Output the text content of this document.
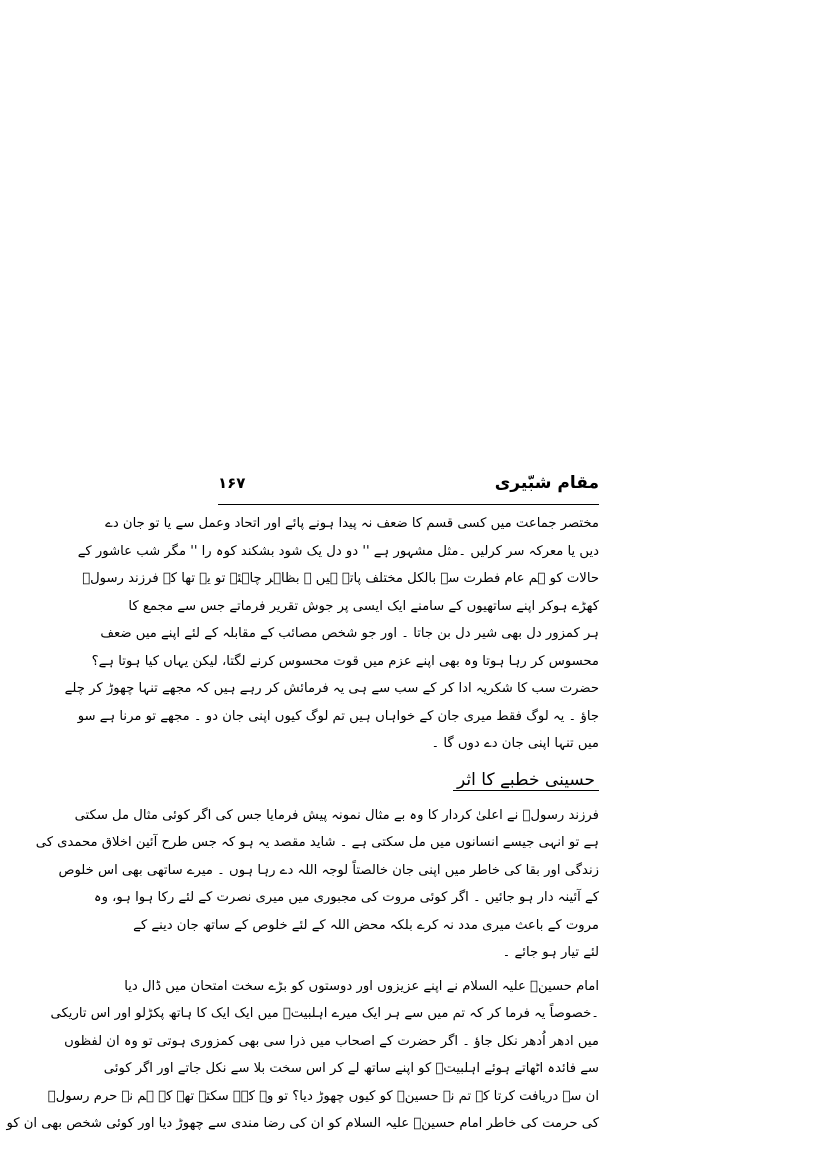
مقام شبّیری
۱۶۷
مختصر جماعت میں کسی قسم کا ضعف نہ پیدا ہونے پائے اور اتحاد وعمل سے یا تو جان دے
دیں یا معرکہ سر کرلیں ۔مثل مشہور ہے '' دو دل یک شود بشکند کوہ را '' مگر شب عاشور کے
حالات کو ہم عام فطرت سے بالکل مختلف پاتے ہیں ۔ بظاہر چاہئے تو یہ تھا کہ فرزند رسولؐ
کھڑے ہوکر اپنے ساتھیوں کے سامنے ایک ایسی پر جوش تقریر فرماتے جس سے مجمع کا
ہر کمزور دل بھی شیر دل بن جاتا ۔ اور جو شخص مصائب کے مقابلہ کے لئے اپنے میں ضعف
محسوس کر رہا ہوتا وہ بھی اپنے عزم میں قوت محسوس کرنے لگتا، لیکن یہاں کیا ہوتا ہے؟
حضرت سب کا شکریہ ادا کر کے سب سے ہی یہ فرمائش کر رہے ہیں کہ مجھے تنہا چھوڑ کر چلے
جاؤ ۔ یہ لوگ فقط میری جان کے خواہاں ہیں تم لوگ کیوں اپنی جان دو ۔ مجھے تو مرنا ہے سو
میں تنہا اپنی جان دے دوں گا ۔
حسینی خطبے کا اثر
فرزند رسولؐ نے اعلیٰ کردار کا وہ بے مثال نمونہ پیش فرمایا جس کی اگر کوئی مثال مل سکتی
ہے تو انہی جیسے انسانوں میں مل سکتی ہے ۔ شاید مقصد یہ ہو کہ جس طرح آئین اخلاق محمدی کی
زندگی اور بقا کی خاطر میں اپنی جان خالصتاً لوجہ اللہ دے رہا ہوں ۔ میرے ساتھی بھی اس خلوص
کے آئینہ دار ہو جائیں ۔ اگر کوئی مروت کی مجبوری میں میری نصرت کے لئے رکا ہوا ہو، وہ
مروت کے باعث میری مدد نہ کرے بلکہ محض اللہ کے لئے خلوص کے ساتھ جان دینے کے
لئے تیار ہو جائے ۔
امام حسینؑ علیہ السلام نے اپنے عزیزوں اور دوستوں کو بڑے سخت امتحان میں ڈال دیا
۔خصوصاً یہ فرما کر کہ تم میں سے ہر ایک میرے اہلبیتؑ میں ایک ایک کا ہاتھ پکڑلو اور اس تاریکی
میں ادھر اُدھر نکل جاؤ ۔ اگر حضرت کے اصحاب میں ذرا سی بھی کمزوری ہوتی تو وہ ان لفظوں
سے فائدہ اٹھاتے ہوئے اہلبیتؑ کو اپنے ساتھ لے کر اس سخت بلا سے نکل جاتے اور اگر کوئی
ان سے دریافت کرتا کہ تم نے حسینؑ کو کیوں چھوڑ دیا؟ تو وہ کہہ سکتے تھے کہ ہم نے حرم رسولؐ
کی حرمت کی خاطر امام حسینؑ علیہ السلام کو ان کی رضا مندی سے چھوڑ دیا اور کوئی شخص بھی ان کو
